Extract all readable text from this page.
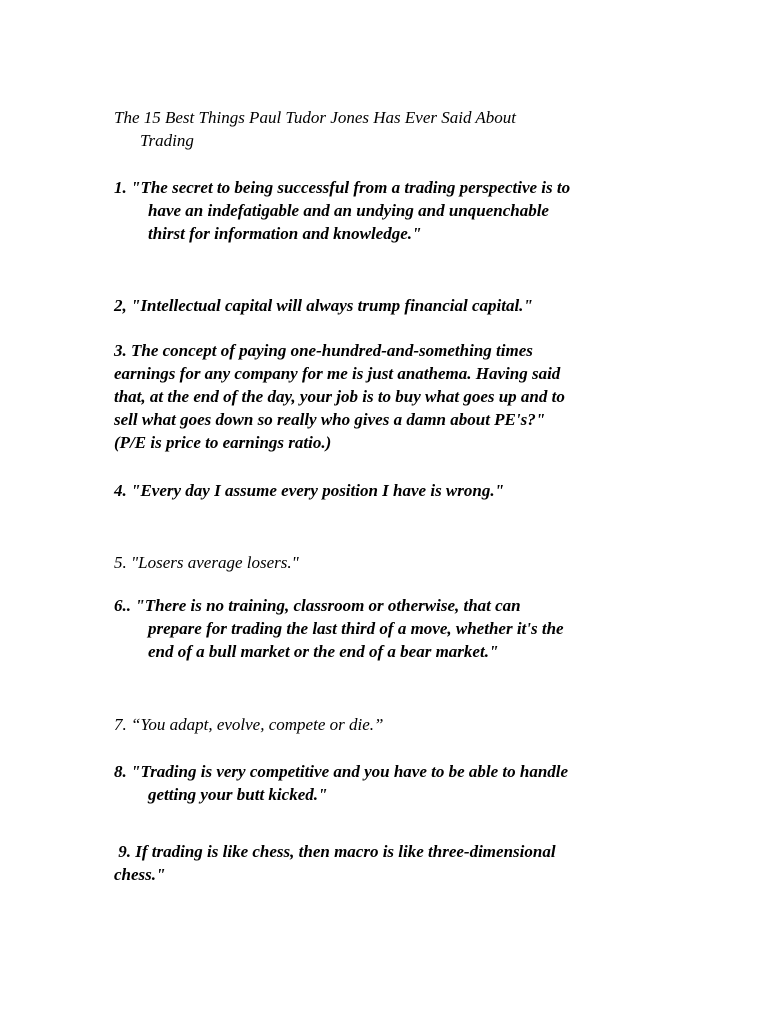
The 15 Best Things Paul Tudor Jones Has Ever Said About
Trading
1. "The secret to being successful from a trading perspective is to
have an indefatigable and an undying and unquenchable
thirst for information and knowledge."
2, "Intellectual capital will always trump financial capital."
3. The concept of paying one-hundred-and-something times
earnings for any company for me is just anathema. Having said
that, at the end of the day, your job is to buy what goes up and to
sell what goes down so really who gives a damn about PE's?"
(P/E is price to earnings ratio.)
4. "Every day I assume every position I have is wrong."
5. "Losers average losers."
6.. "There is no training, classroom or otherwise, that can
prepare for trading the last third of a move, whether it's the
end of a bull market or the end of a bear market."
7. “You adapt, evolve, compete or die.”
8. "Trading is very competitive and you have to be able to handle
getting your butt kicked."
9. If trading is like chess, then macro is like three-dimensional
chess."
